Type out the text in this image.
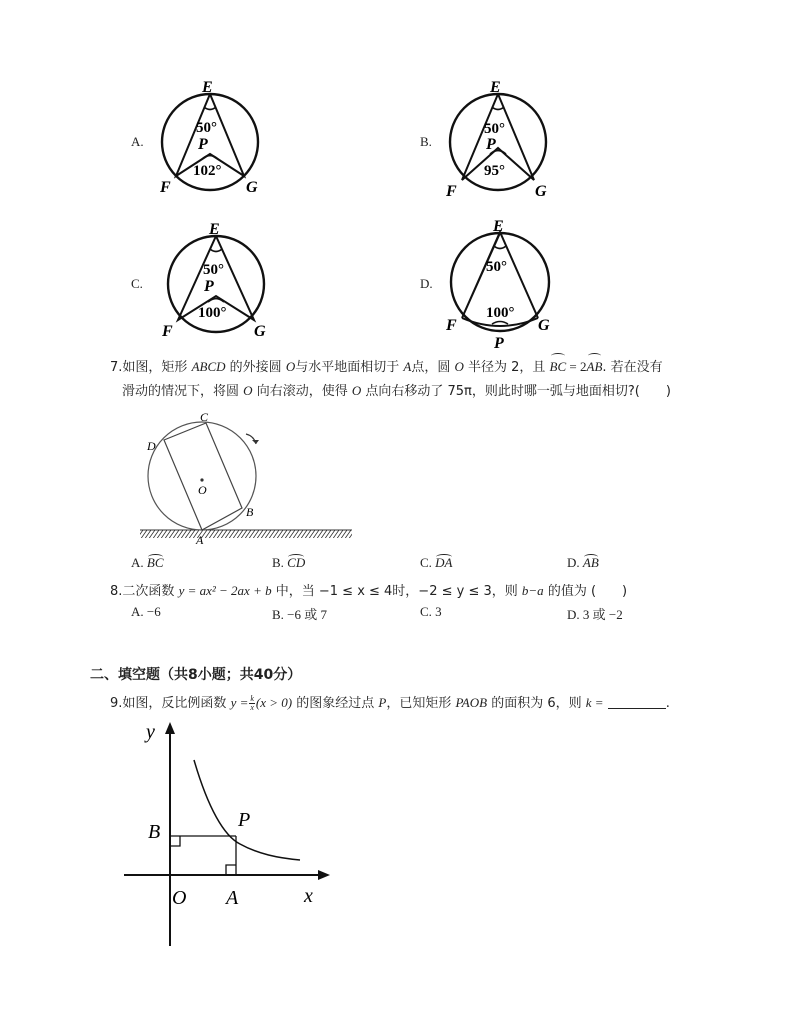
A.
E
50°
P
102°
F	G
B.
E
50°
P
95°
F	G
C.
E
50°
P
100°
F	G
D.
E
50°
100°
F	G
P
7.如图，矩形 ABCD 的外接圆 O与水平地面相切于 A点，圆 O 半径为 2，且 BC = 2AB. 若在没有
滑动的情况下，将圆 O 向右滚动，使得 O 点向右移动了 75π，则此时哪一弧与地面相切?(　　)
C
D
O
B
A
A. BC	B. CD	C. DA	D. AB
8.二次函数 y = ax² − 2ax + b 中，当 −1 ≤ x ≤ 4时，−2 ≤ y ≤ 3，则 b−a 的值为 (　　)
A. −6	B. −6 或 7	C. 3	D. 3 或 −2
二、填空题（共8小题；共40分）
9.如图，反比例函数 $y = \frac{k}{x} (x > 0)$ 的图象经过点 P，已知矩形 PAOB 的面积为 6，则 k =	.
y
B
P
O A	x
